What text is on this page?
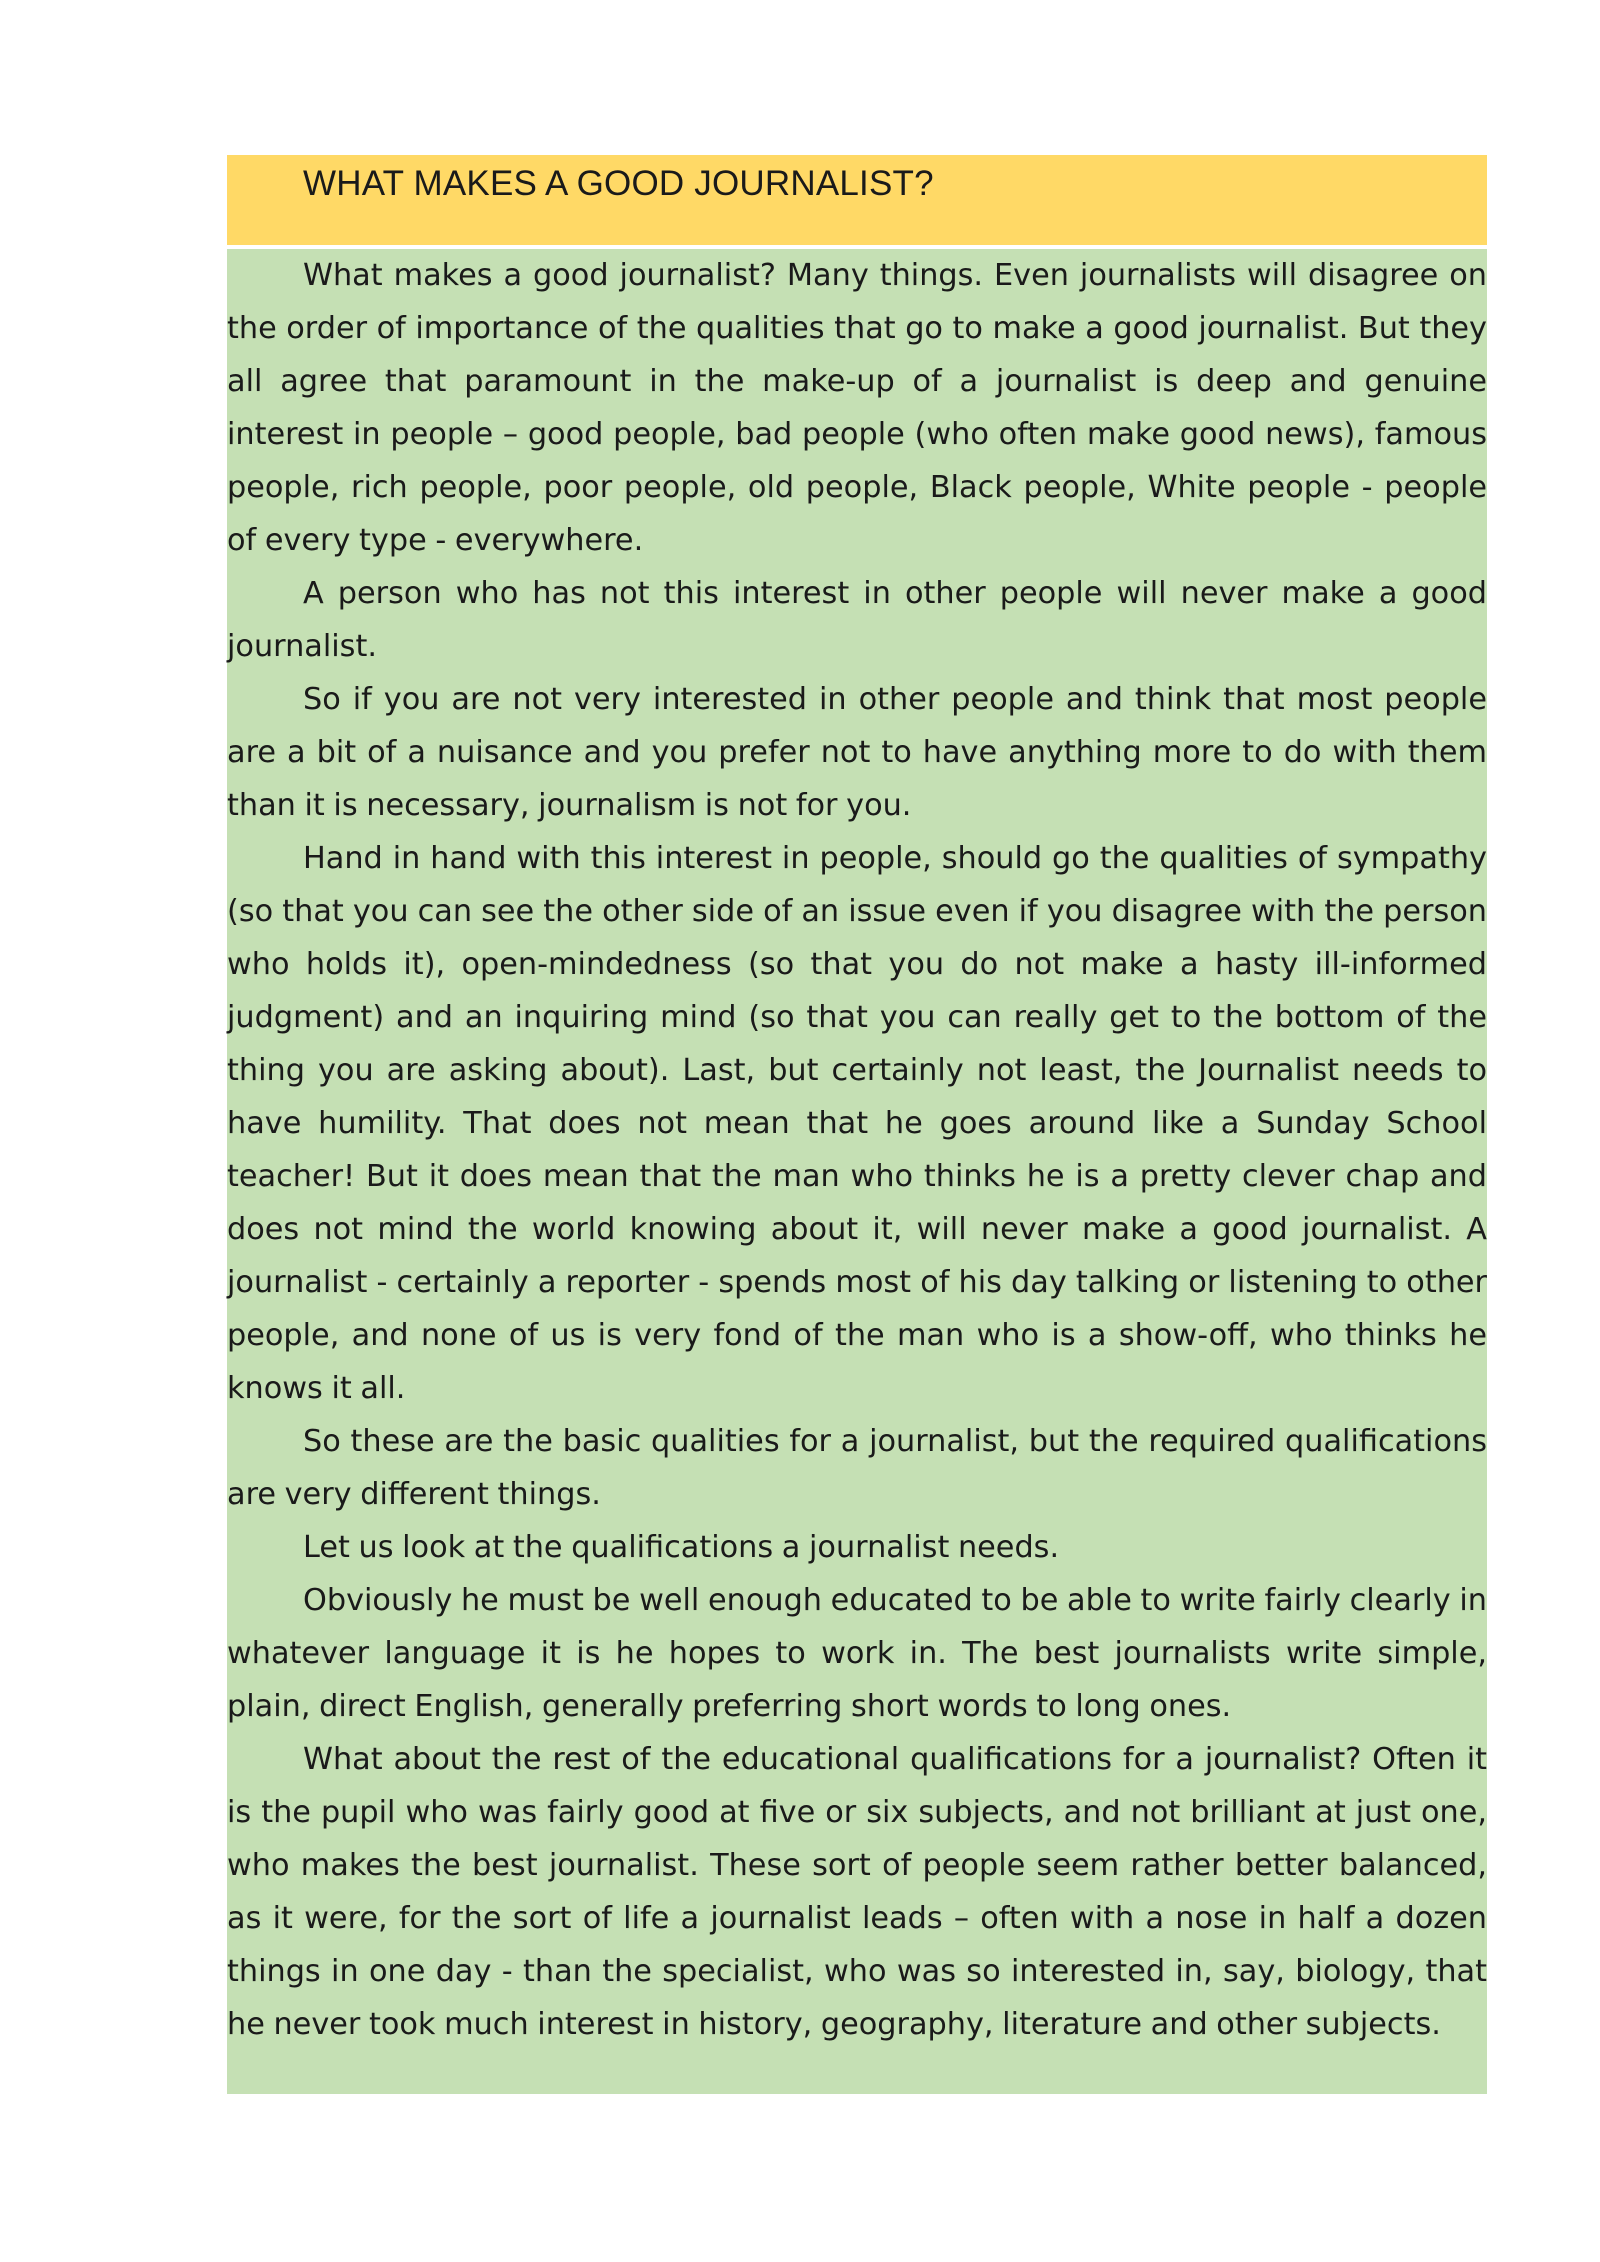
WHAT MAKES A GOOD JOURNALIST?

What makes a good journalist? Many things. Even journalists will disagree on the order of importance of the qualities that go to make a good journalist. But they all agree that paramount in the make-up of a journalist is deep and genuine interest in people – good people, bad people (who often make good news), famous people, rich people, poor people, old people, Black people, White people - people of every type - everywhere.

A person who has not this interest in other people will never make a good journalist.

So if you are not very interested in other people and think that most people are a bit of a nuisance and you prefer not to have anything more to do with them than it is necessary, journalism is not for you.

Hand in hand with this interest in people, should go the qualities of sympathy (so that you can see the other side of an issue even if you disagree with the person who holds it), open-mindedness (so that you do not make a hasty ill-informed judgment) and an inquiring mind (so that you can really get to the bottom of the thing you are asking about). Last, but certainly not least, the Journalist needs to have humility. That does not mean that he goes around like a Sunday School teacher! But it does mean that the man who thinks he is a pretty clever chap and does not mind the world knowing about it, will never make a good journalist. A journalist - certainly a reporter - spends most of his day talking or listening to other people, and none of us is very fond of the man who is a show-off, who thinks he knows it all.

So these are the basic qualities for a journalist, but the required qualifications are very different things.

Let us look at the qualifications a journalist needs.

Obviously he must be well enough educated to be able to write fairly clearly in whatever language it is he hopes to work in. The best journalists write simple, plain, direct English, generally preferring short words to long ones.

What about the rest of the educational qualifications for a journalist? Often it is the pupil who was fairly good at five or six subjects, and not brilliant at just one, who makes the best journalist. These sort of people seem rather better balanced, as it were, for the sort of life a journalist leads – often with a nose in half a dozen things in one day - than the specialist, who was so interested in, say, biology, that he never took much interest in history, geography, literature and other subjects.
